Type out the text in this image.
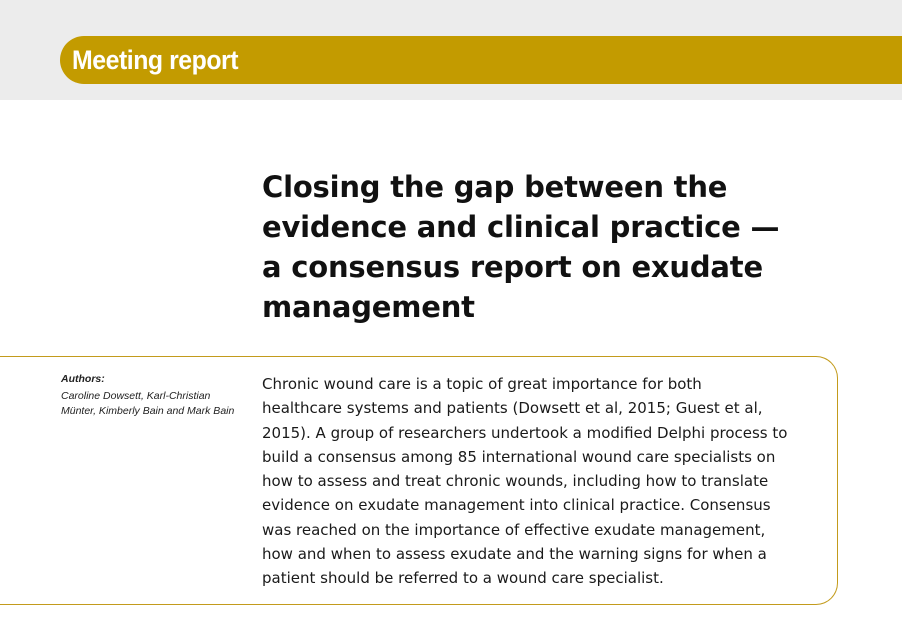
Meeting report
Closing the gap between the
evidence and clinical practice —
a consensus report on exudate
management
Authors:
Caroline Dowsett, Karl-Christian
Münter, Kimberly Bain and Mark Bain
Chronic wound care is a topic of great importance for both
healthcare systems and patients (Dowsett et al, 2015; Guest et al,
2015). A group of researchers undertook a modified Delphi process to
build a consensus among 85 international wound care specialists on
how to assess and treat chronic wounds, including how to translate
evidence on exudate management into clinical practice. Consensus
was reached on the importance of effective exudate management,
how and when to assess exudate and the warning signs for when a
patient should be referred to a wound care specialist.
